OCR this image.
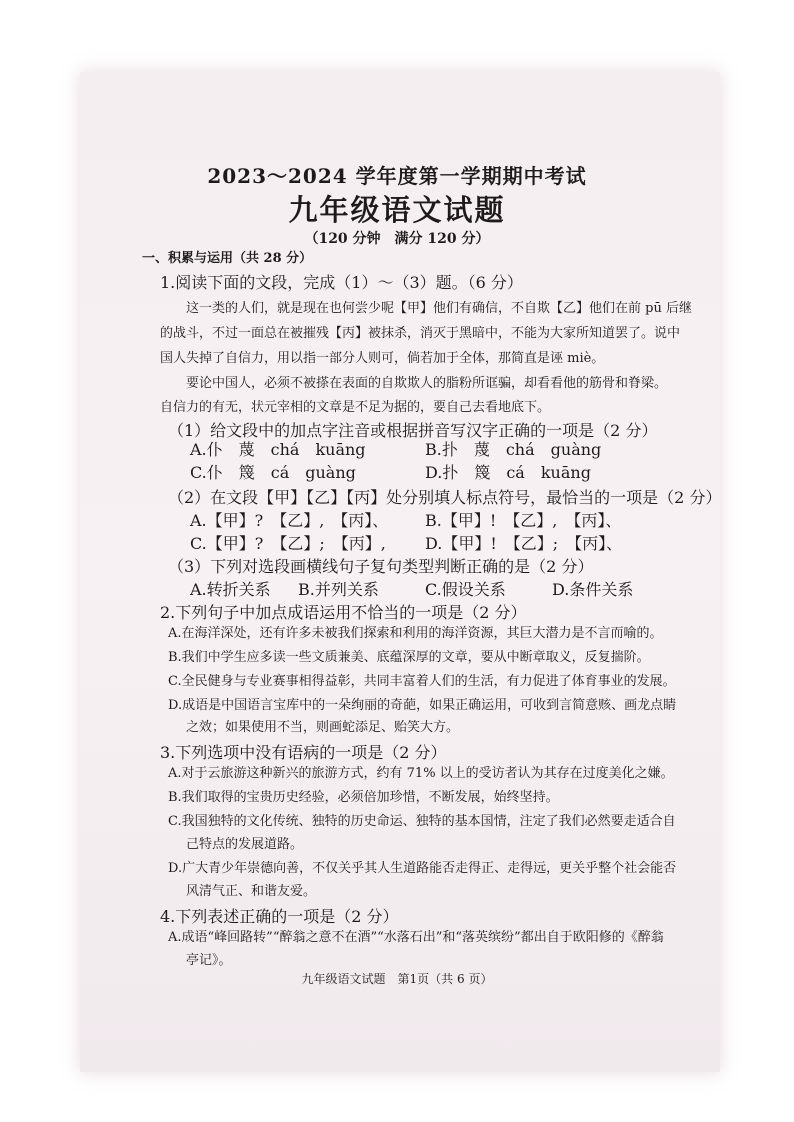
2023～2024 学年度第一学期期中考试
九年级语文试题
（120 分钟　满分 120 分）
一、积累与运用（共 28 分）
1.阅读下面的文段，完成（1）～（3）题。（6 分）
　　这一类的人们，就是现在也何尝少呢【甲】他们有确信，不自欺【乙】他们在前 pū 后继
的战斗，不过一面总在被摧残【丙】被抹杀，消灭于黑暗中，不能为大家所知道罢了。说中
国人失掉了自信力，用以指一部分人则可，倘若加于全体，那简直是诬 miè。
　　要论中国人，必须不被搽在表面的自欺欺人的脂粉所诓骗，却看看他的筋骨和脊梁。
自信力的有无，状元宰相的文章是不足为据的，要自己去看地底下。
（1）给文段中的加点字注音或根据拼音写汉字正确的一项是（2 分）
A.仆　蔑　chá　kuāng	B.扑　蔑　chá　guàng
C.仆　篾　cá　guàng	D.扑　篾　cá　kuāng
（2）在文段【甲】【乙】【丙】处分别填人标点符号，最恰当的一项是（2 分）
A.【甲】?　【乙】,　【丙】、 B.【甲】!　【乙】,　【丙】、
C.【甲】?　【乙】;　【丙】, D.【甲】!　【乙】;　【丙】、
（3）下列对选段画横线句子复句类型判断正确的是（2 分）
A.转折关系 B.并列关系	C.假设关系	D.条件关系
2.下列句子中加点成语运用不恰当的一项是（2 分）
A.在海洋深处，还有许多未被我们探索和利用的海洋资源，其巨大潜力是不言而喻的。
B.我们中学生应多读一些文质兼美、底蕴深厚的文章，要从中断章取义，反复揣阶。
C.全民健身与专业赛事相得益彰，共同丰富着人们的生活，有力促进了体育事业的发展。
D.成语是中国语言宝库中的一朵绚丽的奇葩，如果正确运用，可收到言简意赅、画龙点睛
之效；如果使用不当，则画蛇添足、贻笑大方。
3.下列选项中没有语病的一项是（2 分）
A.对于云旅游这种新兴的旅游方式，约有 71% 以上的受访者认为其存在过度美化之嫌。
B.我们取得的宝贵历史经验，必须倍加珍惜，不断发展，始终坚持。
C.我国独特的文化传统、独特的历史命运、独特的基本国情，注定了我们必然要走适合自
己特点的发展道路。
D.广大青少年崇德向善，不仅关乎其人生道路能否走得正、走得远，更关乎整个社会能否
风清气正、和谐友爱。
4.下列表述正确的一项是（2 分）
A.成语“峰回路转”“醉翁之意不在酒”“水落石出”和“落英缤纷”都出自于欧阳修的《醉翁
亭记》。
九年级语文试题　第1页（共 6 页）
